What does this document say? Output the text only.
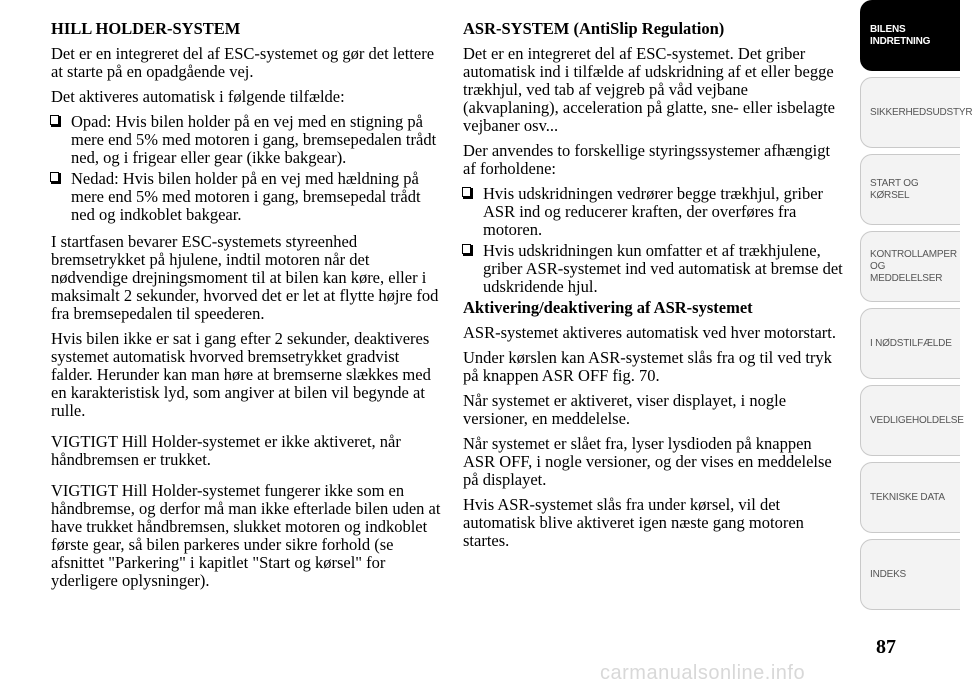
HILL HOLDER-SYSTEM
Det er en integreret del af ESC-systemet og gør det lettere at starte på en opadgående vej.
Det aktiveres automatisk i følgende tilfælde:
Opad: Hvis bilen holder på en vej med en stigning på mere end 5% med motoren i gang, bremsepedalen trådt ned, og i frigear eller gear (ikke bakgear).
Nedad: Hvis bilen holder på en vej med hældning på mere end 5% med motoren i gang, bremsepedal trådt ned og indkoblet bakgear.
I startfasen bevarer ESC-systemets styreenhed bremsetrykket på hjulene, indtil motoren når det nødvendige drejningsmoment til at bilen kan køre, eller i maksimalt 2 sekunder, hvorved det er let at flytte højre fod fra bremsepedalen til speederen.
Hvis bilen ikke er sat i gang efter 2 sekunder, deaktiveres systemet automatisk hvorved bremsetrykket gradvist falder. Herunder kan man høre at bremserne slækkes med en karakteristisk lyd, som angiver at bilen vil begynde at rulle.
VIGTIGT Hill Holder-systemet er ikke aktiveret, når håndbremsen er trukket.
VIGTIGT Hill Holder-systemet fungerer ikke som en håndbremse, og derfor må man ikke efterlade bilen uden at have trukket håndbremsen, slukket motoren og indkoblet første gear, så bilen parkeres under sikre forhold (se afsnittet "Parkering" i kapitlet "Start og kørsel" for yderligere oplysninger).
ASR-SYSTEM (AntiSlip Regulation)
Det er en integreret del af ESC-systemet. Det griber automatisk ind i tilfælde af udskridning af et eller begge trækhjul, ved tab af vejgreb på våd vejbane (akvaplaning), acceleration på glatte, sne- eller isbelagte vejbaner osv...
Der anvendes to forskellige styringssystemer afhængigt af forholdene:
Hvis udskridningen vedrører begge trækhjul, griber ASR ind og reducerer kraften, der overføres fra motoren.
Hvis udskridningen kun omfatter et af trækhjulene, griber ASR-systemet ind ved automatisk at bremse det udskridende hjul.
Aktivering/deaktivering af ASR-systemet
ASR-systemet aktiveres automatisk ved hver motorstart.
Under kørslen kan ASR-systemet slås fra og til ved tryk på knappen ASR OFF fig. 70.
Når systemet er aktiveret, viser displayet, i nogle versioner, en meddelelse.
Når systemet er slået fra, lyser lysdioden på knappen ASR OFF, i nogle versioner, og der vises en meddelelse på displayet.
Hvis ASR-systemet slås fra under kørsel, vil det automatisk blive aktiveret igen næste gang motoren startes.
BILENS INDRETNING
SIKKERHEDSUDSTYR
START OG KØRSEL
KONTROLLAMPER OG MEDDELELSER
I NØDSTILFÆLDE
VEDLIGEHOLDELSE
TEKNISKE DATA
INDEKS
87
carmanualsonline.info
